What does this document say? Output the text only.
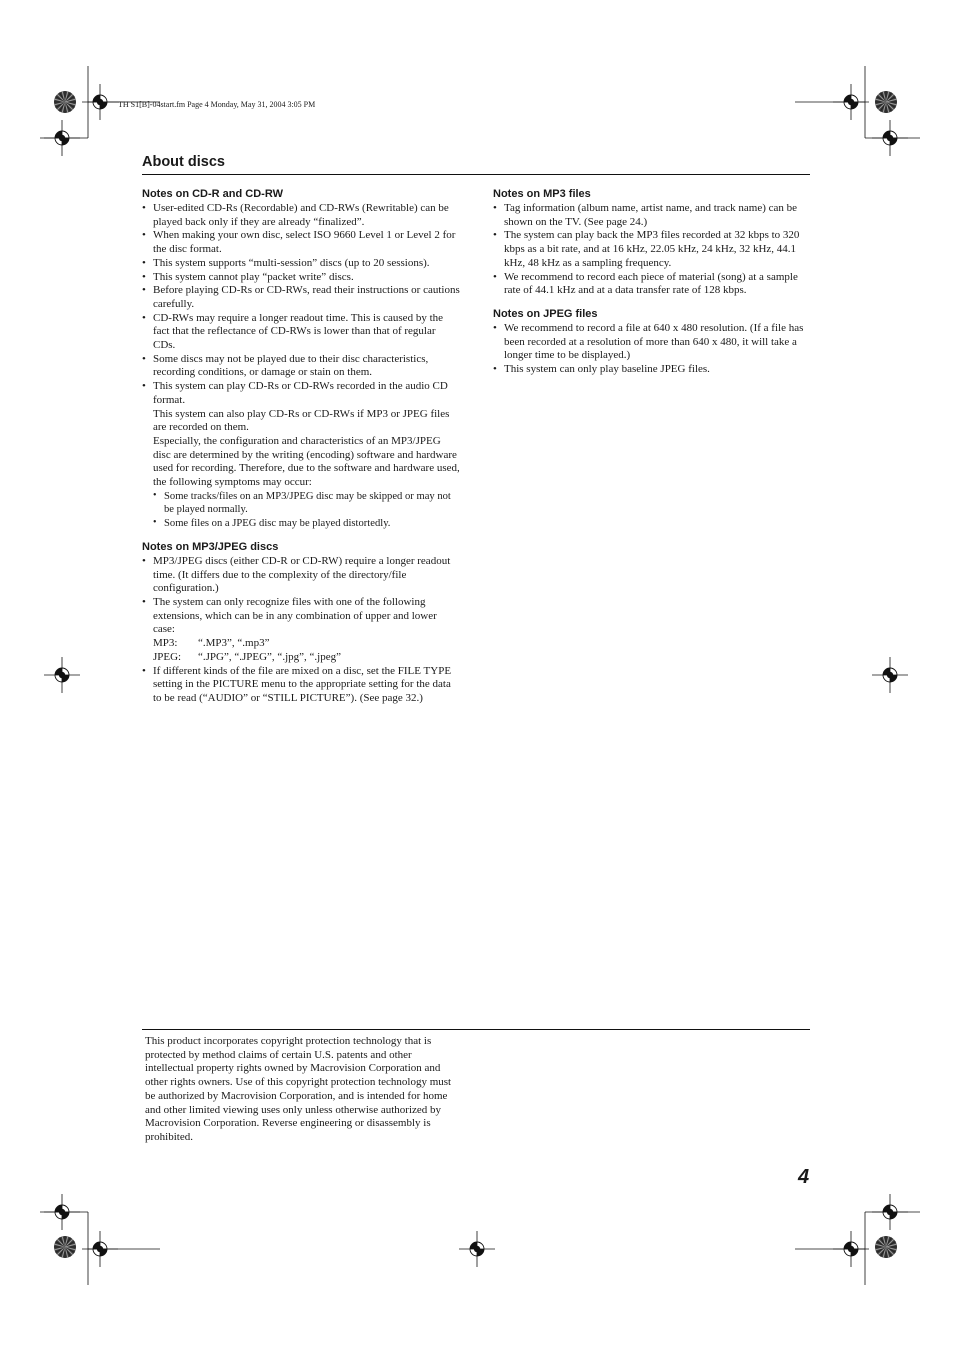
TH S1[B]-04start.fm Page 4 Monday, May 31, 2004 3:05 PM
About discs
Notes on CD-R and CD-RW
• User-edited CD-Rs (Recordable) and CD-RWs (Rewritable) can be played back only if they are already “finalized”.
• When making your own disc, select ISO 9660 Level 1 or Level 2 for the disc format.
• This system supports “multi-session” discs (up to 20 sessions).
• This system cannot play “packet write” discs.
• Before playing CD-Rs or CD-RWs, read their instructions or cautions carefully.
• CD-RWs may require a longer readout time. This is caused by the fact that the reflectance of CD-RWs is lower than that of regular CDs.
• Some discs may not be played due to their disc characteristics, recording conditions, or damage or stain on them.
• This system can play CD-Rs or CD-RWs recorded in the audio CD format.
This system can also play CD-Rs or CD-RWs if MP3 or JPEG files are recorded on them.
Especially, the configuration and characteristics of an MP3/JPEG disc are determined by the writing (encoding) software and hardware used for recording. Therefore, due to the software and hardware used, the following symptoms may occur:
• Some tracks/files on an MP3/JPEG disc may be skipped or may not be played normally.
• Some files on a JPEG disc may be played distortedly.
Notes on MP3/JPEG discs
• MP3/JPEG discs (either CD-R or CD-RW) require a longer readout time. (It differs due to the complexity of the directory/file configuration.)
• The system can only recognize files with one of the following extensions, which can be in any combination of upper and lower case:
MP3:	“.MP3”, “.mp3”
JPEG:	“.JPG”, “.JPEG”, “.jpg”, “.jpeg”
• If different kinds of the file are mixed on a disc, set the FILE TYPE setting in the PICTURE menu to the appropriate setting for the data to be read (“AUDIO” or “STILL PICTURE”). (See page 32.)
Notes on MP3 files
• Tag information (album name, artist name, and track name) can be shown on the TV. (See page 24.)
• The system can play back the MP3 files recorded at 32 kbps to 320 kbps as a bit rate, and at 16 kHz, 22.05 kHz, 24 kHz, 32 kHz, 44.1 kHz, 48 kHz as a sampling frequency.
• We recommend to record each piece of material (song) at a sample rate of 44.1 kHz and at a data transfer rate of 128 kbps.
Notes on JPEG files
• We recommend to record a file at 640 x 480 resolution. (If a file has been recorded at a resolution of more than 640 x 480, it will take a longer time to be displayed.)
• This system can only play baseline JPEG files.
This product incorporates copyright protection technology that is protected by method claims of certain U.S. patents and other intellectual property rights owned by Macrovision Corporation and other rights owners. Use of this copyright protection technology must be authorized by Macrovision Corporation, and is intended for home and other limited viewing uses only unless otherwise authorized by Macrovision Corporation. Reverse engineering or disassembly is prohibited.
4
